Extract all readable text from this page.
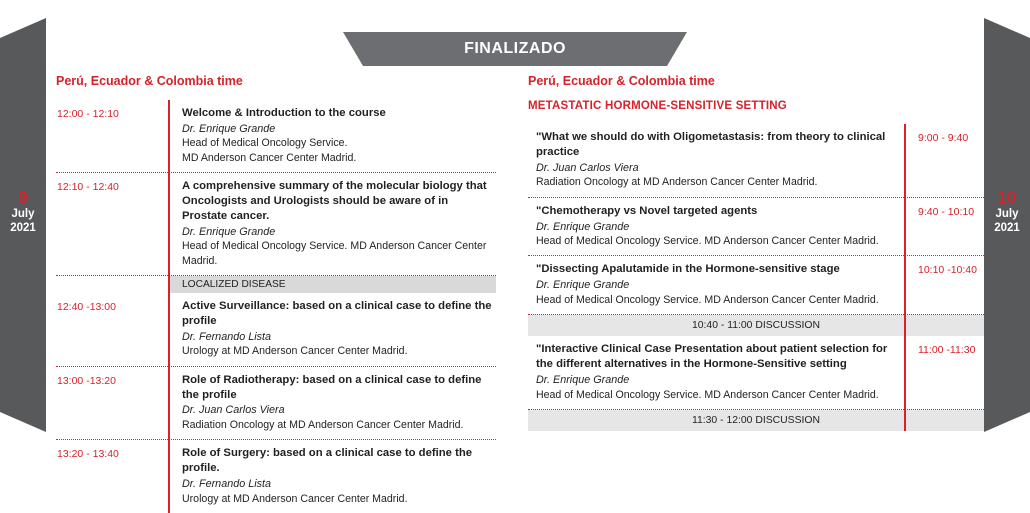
FINALIZADO
9
July
2021
10
July
2021
Perú, Ecuador & Colombia time
12:00 - 12:10	Welcome & Introduction to the course

Dr. Enrique Grande

Head of Medical Oncology Service.

MD Anderson Cancer Center Madrid.

12:10 - 12:40	A comprehensive summary of the molecular biology that Oncologists and Urologists should be aware of in Prostate cancer.

Dr. Enrique Grande

Head of Medical Oncology Service. MD Anderson Cancer Center Madrid.

LOCALIZED DISEASE
12:40 -13:00	Active Surveillance: based on a clinical case to define the profile

Dr. Fernando Lista

Urology at MD Anderson Cancer Center Madrid.

13:00 -13:20	Role of Radiotherapy: based on a clinical case to define the profile

Dr. Juan Carlos Viera

Radiation Oncology at MD Anderson Cancer Center Madrid.

13:20 - 13:40	Role of Surgery: based on a clinical case to define the profile.

Dr. Fernando Lista

Urology at MD Anderson Cancer Center Madrid.

Perú, Ecuador & Colombia time
METASTATIC HORMONE-SENSITIVE SETTING

"What we should do with Oligometastasis: from theory to clinical practice

Dr. Juan Carlos Viera

Radiation Oncology at MD Anderson Cancer Center Madrid.

9:00 - 9:40

"Chemotherapy vs Novel targeted agents

Dr. Enrique Grande

Head of Medical Oncology Service. MD Anderson Cancer Center Madrid.

9:40 - 10:10

"Dissecting Apalutamide in the Hormone-sensitive stage

Dr. Enrique Grande

Head of Medical Oncology Service. MD Anderson Cancer Center Madrid.

10:10 -10:40
10:40 - 11:00 DISCUSSION

"Interactive Clinical Case Presentation about patient selection for the different alternatives in the Hormone-Sensitive setting

Dr. Enrique Grande

Head of Medical Oncology Service. MD Anderson Cancer Center Madrid.

11:00 -11:30
11:30 - 12:00 DISCUSSION
